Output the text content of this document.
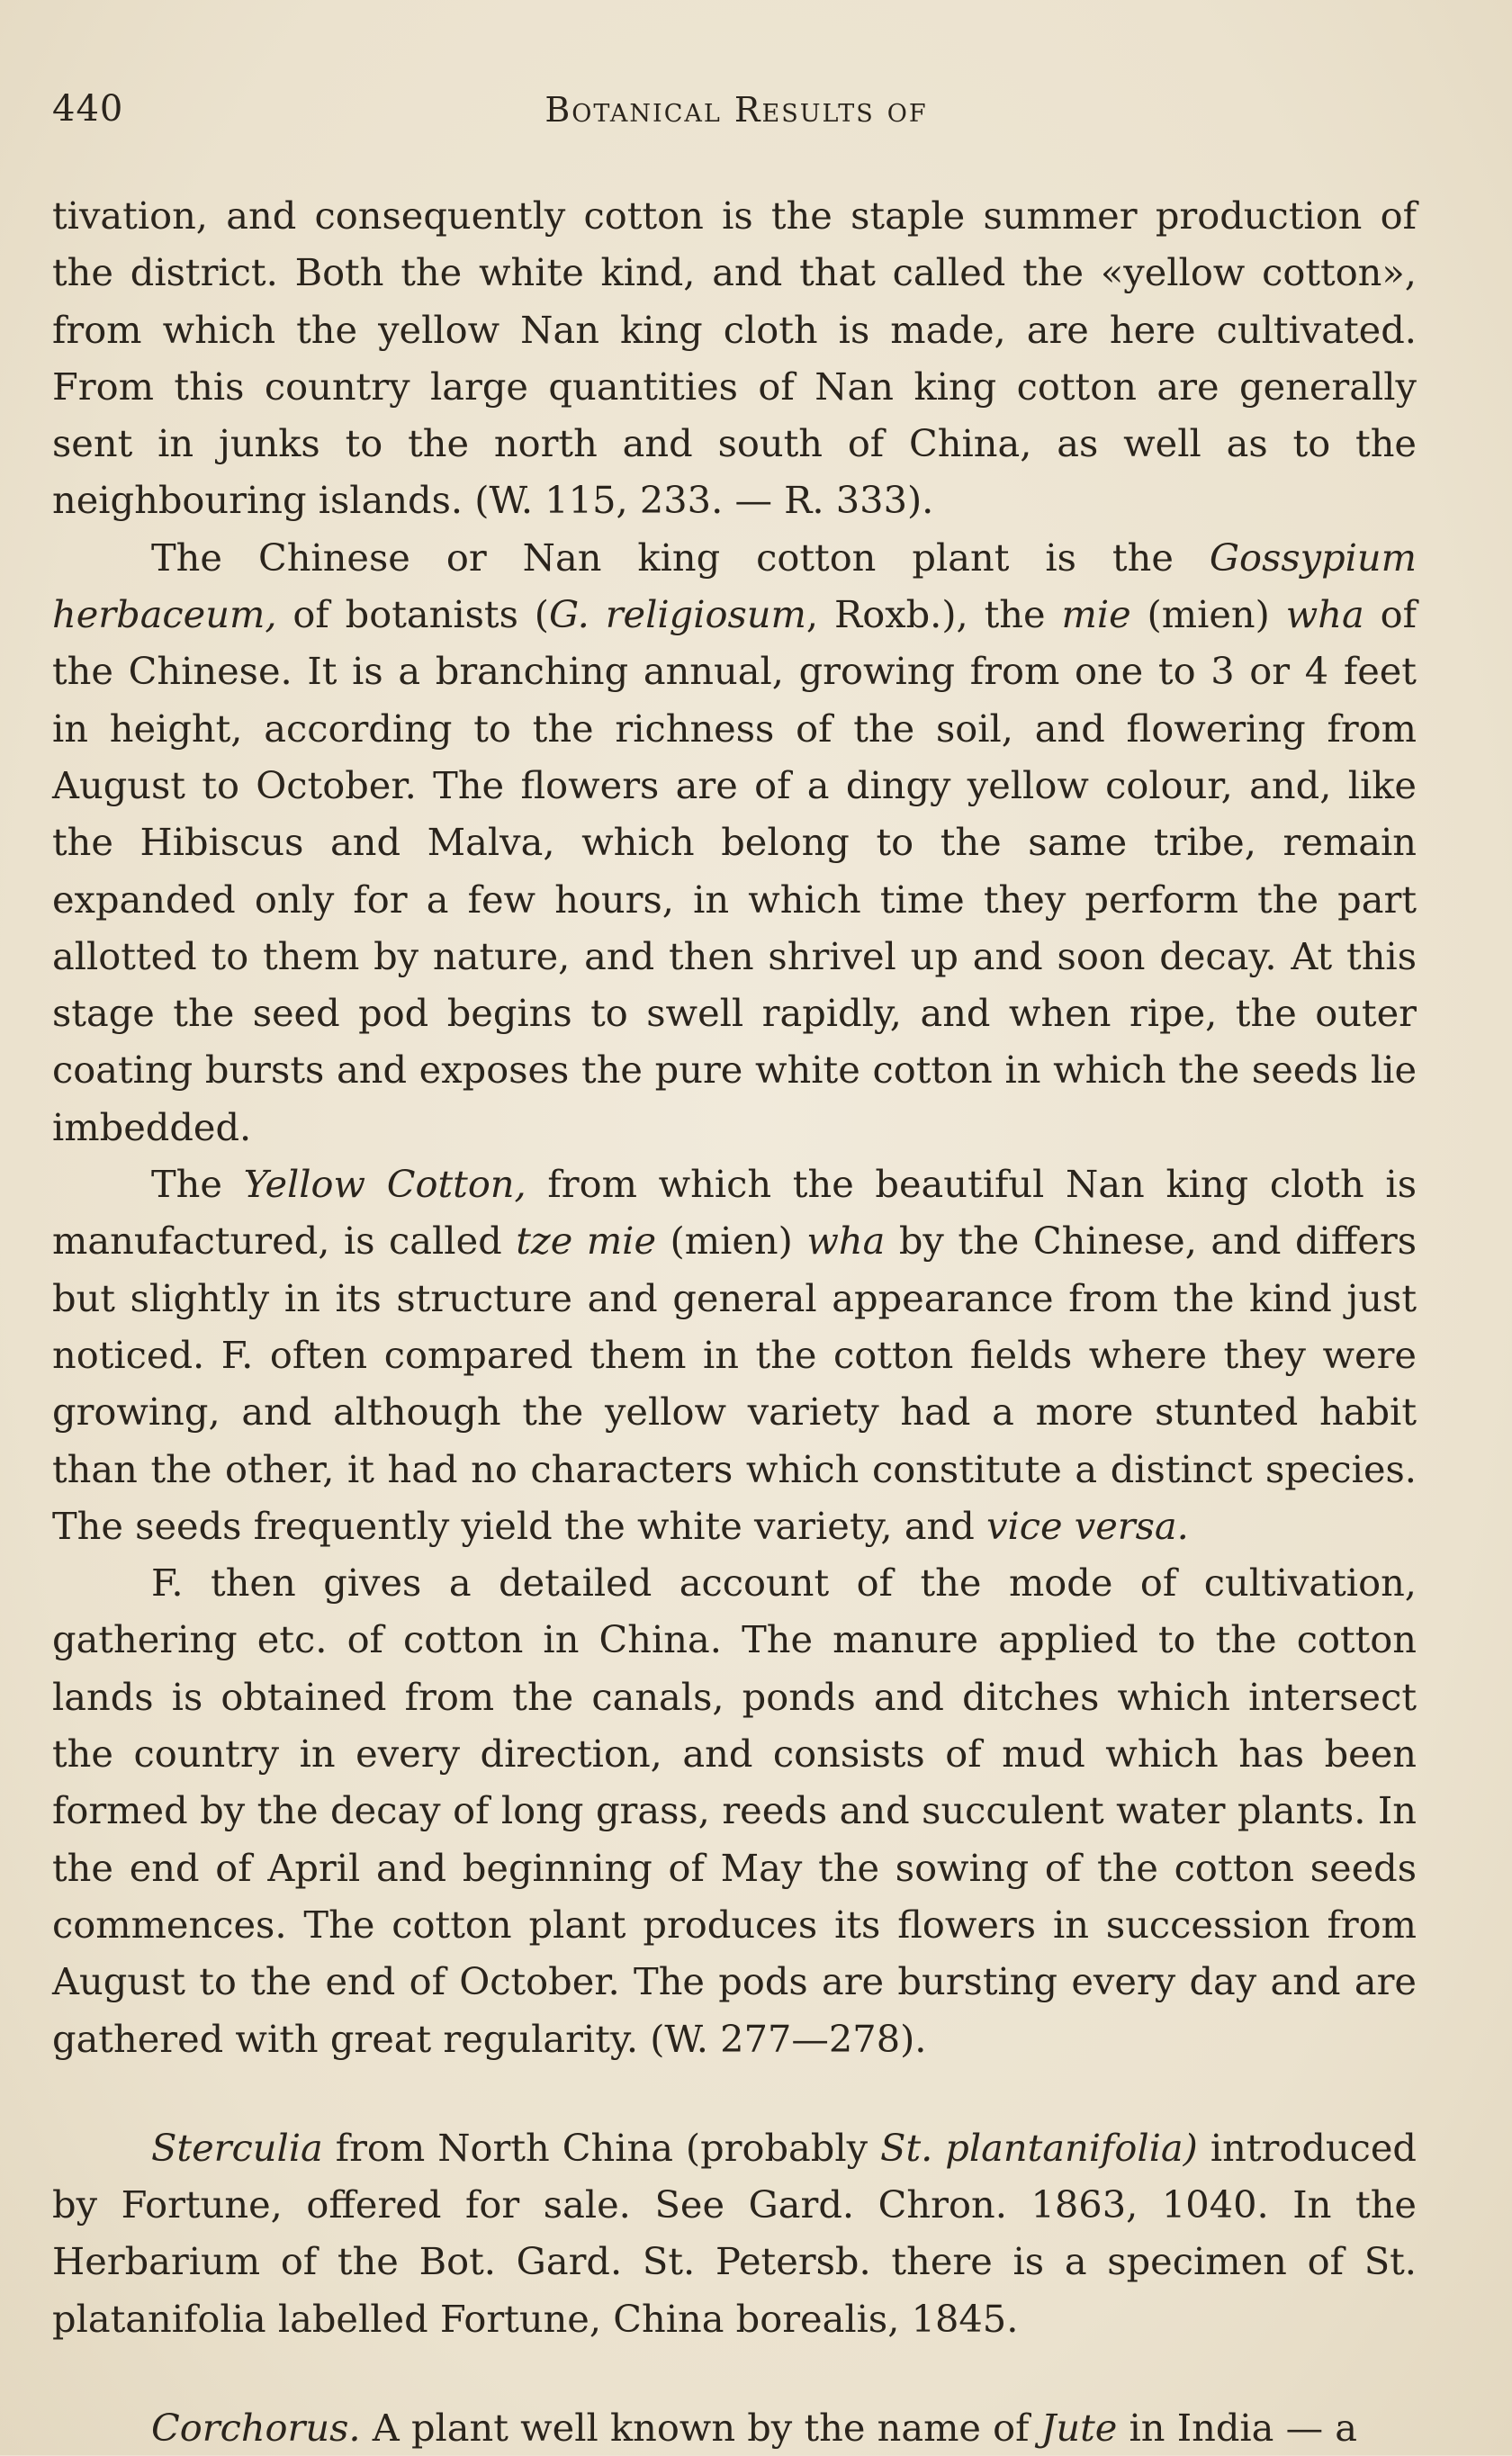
440	Botanical Results of

tivation, and consequently cotton is the staple summer production of the district. Both the white kind, and that called the «yellow cotton», from which the yellow Nan king cloth is made, are here cultivated. From this country large quantities of Nan king cotton are generally sent in junks to the north and south of China, as well as to the neighbouring islands. (W. 115, 233. — R. 333).

The Chinese or Nan king cotton plant is the Gossypium herbaceum, of botanists (G. religiosum, Roxb.), the mie (mien) wha of the Chinese. It is a branching annual, growing from one to 3 or 4 feet in height, according to the richness of the soil, and flowering from August to October. The flowers are of a dingy yellow colour, and, like the Hibiscus and Malva, which belong to the same tribe, remain expanded only for a few hours, in which time they perform the part allotted to them by nature, and then shrivel up and soon decay. At this stage the seed pod begins to swell rapidly, and when ripe, the outer coating bursts and exposes the pure white cotton in which the seeds lie imbedded.

The Yellow Cotton, from which the beautiful Nan king cloth is manufactured, is called tze mie (mien) wha by the Chinese, and differs but slightly in its structure and general appearance from the kind just noticed. F. often compared them in the cotton fields where they were growing, and although the yellow variety had a more stunted habit than the other, it had no characters which constitute a distinct species. The seeds frequently yield the white variety, and vice versa.

F. then gives a detailed account of the mode of cultivation, gathering etc. of cotton in China. The manure applied to the cotton lands is obtained from the canals, ponds and ditches which intersect the country in every direction, and consists of mud which has been formed by the decay of long grass, reeds and succulent water plants. In the end of April and beginning of May the sowing of the cotton seeds commences. The cotton plant produces its flowers in succession from August to the end of October. The pods are bursting every day and are gathered with great regularity. (W. 277—278).

Sterculia from North China (probably St. plantanifolia) introduced by Fortune, offered for sale. See Gard. Chron. 1863, 1040. In the Herbarium of the Bot. Gard. St. Petersb. there is a specimen of St. platanifolia labelled Fortune, China borealis, 1845.

Corchorus. A plant well known by the name of Jute in India — a
